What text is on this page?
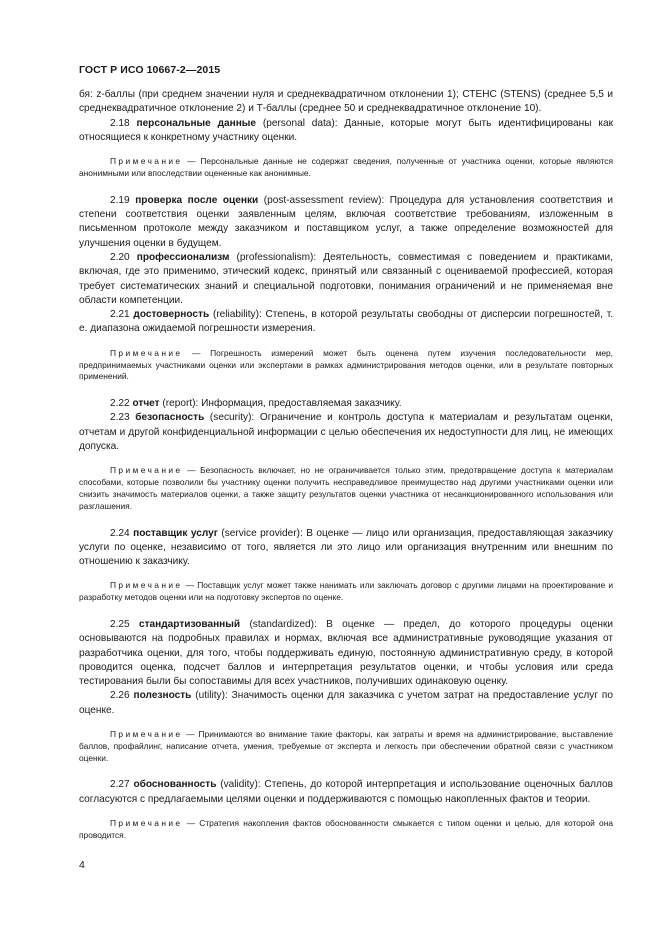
ГОСТ Р ИСО 10667-2—2015

бя: z-баллы (при среднем значении нуля и среднеквадратичном отклонении 1); СТЕНС (STENS) (среднее 5,5 и среднеквадратичное отклонение 2) и Т-баллы (среднее 50 и среднеквадратичное отклонение 10).

2.18 персональные данные (personal data): Данные, которые могут быть идентифицированы как относящиеся к конкретному участнику оценки.

Примечание — Персональные данные не содержат сведения, полученные от участника оценки, которые являются анонимными или впоследствии оцененные как анонимные.

2.19 проверка после оценки (post-assessment review): Процедура для установления соответствия и степени соответствия оценки заявленным целям, включая соответствие требованиям, изложенным в письменном протоколе между заказчиком и поставщиком услуг, а также определение возможностей для улучшения оценки в будущем.

2.20 профессионализм (professionalism): Деятельность, совместимая с поведением и практиками, включая, где это применимо, этический кодекс, принятый или связанный с оцениваемой профессией, которая требует систематических знаний и специальной подготовки, понимания ограничений и не применяемая вне области компетенции.

2.21 достоверность (reliability): Степень, в которой результаты свободны от дисперсии погрешностей, т. е. диапазона ожидаемой погрешности измерения.

Примечание — Погрешность измерений может быть оценена путем изучения последовательности мер, предпринимаемых участниками оценки или экспертами в рамках администрирования методов оценки, или в результате повторных применений.

2.22 отчет (report): Информация, предоставляемая заказчику.

2.23 безопасность (security): Ограничение и контроль доступа к материалам и результатам оценки, отчетам и другой конфиденциальной информации с целью обеспечения их недоступности для лиц, не имеющих допуска.

Примечание — Безопасность включает, но не ограничивается только этим, предотвращение доступа к материалам способами, которые позволили бы участнику оценки получить несправедливое преимущество над другими участниками оценки или снизить значимость материалов оценки, а также защиту результатов оценки участника от несанкционированного использования или разглашения.

2.24 поставщик услуг (service provider): В оценке — лицо или организация, предоставляющая заказчику услуги по оценке, независимо от того, является ли это лицо или организация внутренним или внешним по отношению к заказчику.

Примечание — Поставщик услуг может также нанимать или заключать договор с другими лицами на проектирование и разработку методов оценки или на подготовку экспертов по оценке.

2.25 стандартизованный (standardized): В оценке — предел, до которого процедуры оценки основываются на подробных правилах и нормах, включая все административные руководящие указания от разработчика оценки, для того, чтобы поддерживать единую, постоянную административную среду, в которой проводится оценка, подсчет баллов и интерпретация результатов оценки, и чтобы условия или среда тестирования были бы сопоставимы для всех участников, получивших одинаковую оценку.

2.26 полезность (utility): Значимость оценки для заказчика с учетом затрат на предоставление услуг по оценке.

Примечание — Принимаются во внимание такие факторы, как затраты и время на администрирование, выставление баллов, профайлинг, написание отчета, умения, требуемые от эксперта и легкость при обеспечении обратной связи с участником оценки.

2.27 обоснованность (validity): Степень, до которой интерпретация и использование оценочных баллов согласуются с предлагаемыми целями оценки и поддерживаются с помощью накопленных фактов и теории.

Примечание — Стратегия накопления фактов обоснованности смыкается с типом оценки и целью, для которой она проводится.

4
